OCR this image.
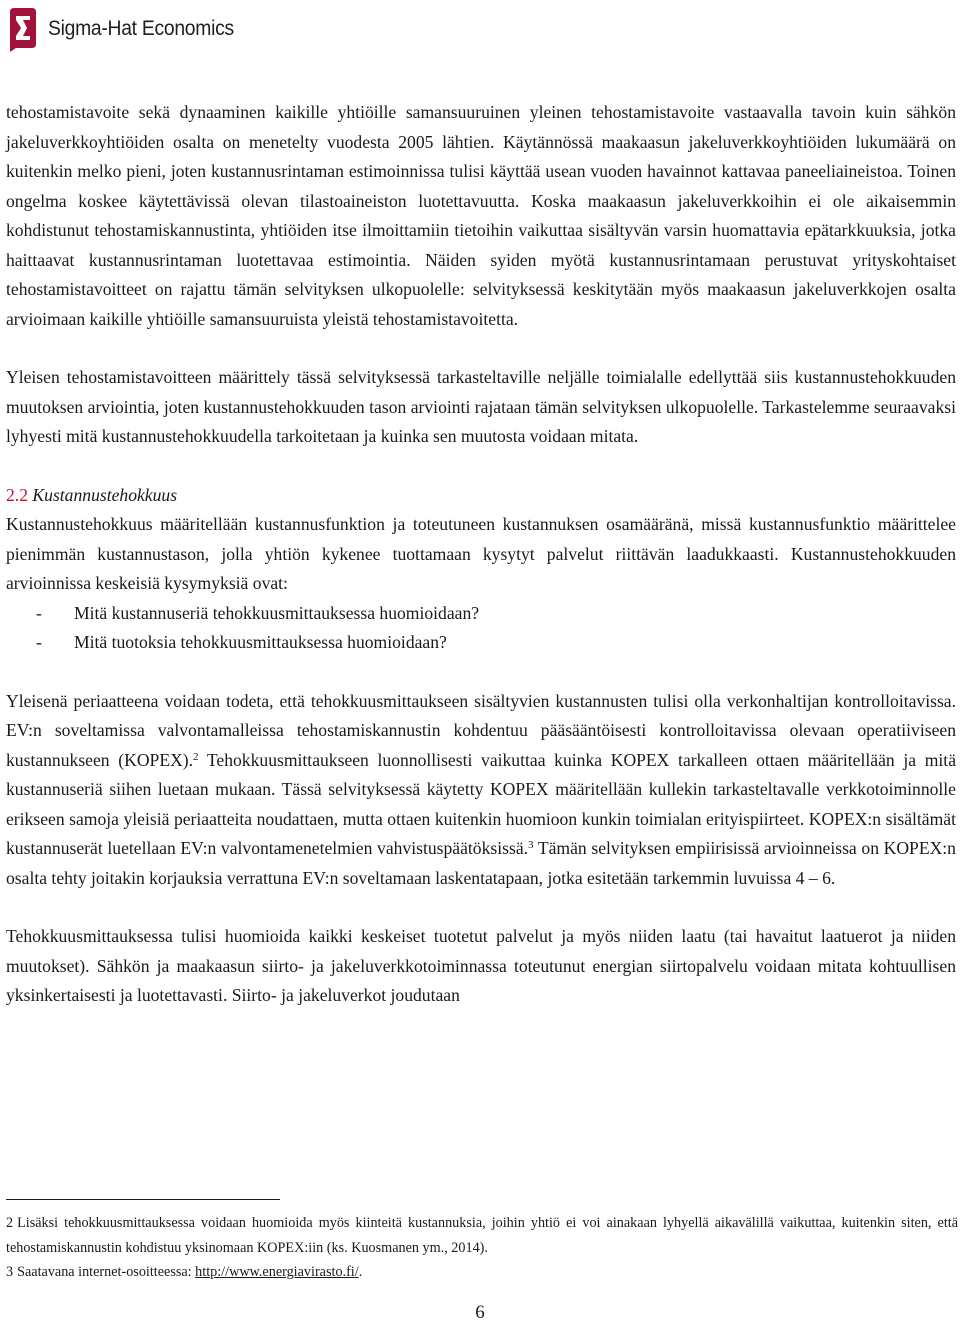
Sigma-Hat Economics

tehostamistavoite sekä dynaaminen kaikille yhtiöille samansuuruinen yleinen tehostamistavoite vastaavalla tavoin kuin sähkön jakeluverkkoyhtiöiden osalta on menetelty vuodesta 2005 lähtien. Käytännössä maakaasun jakeluverkkoyhtiöiden lukumäärä on kuitenkin melko pieni, joten kustannusrintaman estimoinnissa tulisi käyttää usean vuoden havainnot kattavaa paneeliaineistoa. Toinen ongelma koskee käytettävissä olevan tilastoaineiston luotettavuutta. Koska maakaasun jakeluverkkoihin ei ole aikaisemmin kohdistunut tehostamiskannustinta, yhtiöiden itse ilmoittamiin tietoihin vaikuttaa sisältyvän varsin huomattavia epätarkkuuksia, jotka haittaavat kustannusrintaman luotettavaa estimointia. Näiden syiden myötä kustannusrintamaan perustuvat yrityskohtaiset tehostamistavoitteet on rajattu tämän selvityksen ulkopuolelle: selvityksessä keskitytään myös maakaasun jakeluverkkojen osalta arvioimaan kaikille yhtiöille samansuuruista yleistä tehostamistavoitetta.

Yleisen tehostamistavoitteen määrittely tässä selvityksessä tarkasteltaville neljälle toimialalle edellyttää siis kustannustehokkuuden muutoksen arviointia, joten kustannustehokkuuden tason arviointi rajataan tämän selvityksen ulkopuolelle. Tarkastelemme seuraavaksi lyhyesti mitä kustannustehokkuudella tarkoitetaan ja kuinka sen muutosta voidaan mitata.

2.2 Kustannustehokkuus

Kustannustehokkuus määritellään kustannusfunktion ja toteutuneen kustannuksen osamääränä, missä kustannusfunktio määrittelee pienimmän kustannustason, jolla yhtiön kykenee tuottamaan kysytyt palvelut riittävän laadukkaasti. Kustannustehokkuuden arvioinnissa keskeisiä kysymyksiä ovat:

-	Mitä kustannuseriä tehokkuusmittauksessa huomioidaan?
-	Mitä tuotoksia tehokkuusmittauksessa huomioidaan?

Yleisenä periaatteena voidaan todeta, että tehokkuusmittaukseen sisältyvien kustannusten tulisi olla verkonhaltijan kontrolloitavissa. EV:n soveltamissa valvontamalleissa tehostamiskannustin kohdentuu pääsääntöisesti kontrolloitavissa olevaan operatiiviseen kustannukseen (KOPEX).$^2$ Tehokkuusmittaukseen luonnollisesti vaikuttaa kuinka KOPEX tarkalleen ottaen määritellään ja mitä kustannuseriä siihen luetaan mukaan. Tässä selvityksessä käytetty KOPEX määritellään kullekin tarkasteltavalle verkkotoiminnolle erikseen samoja yleisiä periaatteita noudattaen, mutta ottaen kuitenkin huomioon kunkin toimialan erityispiirteet. KOPEX:n sisältämät kustannuserät luetellaan EV:n valvontamenetelmien vahvistuspäätöksissä.$^3$ Tämän selvityksen empiirisissä arvioinneissa on KOPEX:n osalta tehty joitakin korjauksia verrattuna EV:n soveltamaan laskentatapaan, jotka esitetään tarkemmin luvuissa 4 – 6.

Tehokkuusmittauksessa tulisi huomioida kaikki keskeiset tuotetut palvelut ja myös niiden laatu (tai havaitut laatuerot ja niiden muutokset). Sähkön ja maakaasun siirto- ja jakeluverkkotoiminnassa toteutunut energian siirtopalvelu voidaan mitata kohtuullisen yksinkertaisesti ja luotettavasti. Siirto- ja jakeluverkot joudutaan

2 Lisäksi tehokkuusmittauksessa voidaan huomioida myös kiinteitä kustannuksia, joihin yhtiö ei voi ainakaan lyhyellä aikavälillä vaikuttaa, kuitenkin siten, että tehostamiskannustin kohdistuu yksinomaan KOPEX:iin (ks. Kuosmanen ym., 2014).

3 Saatavana internet-osoitteessa: http://www.energiavirasto.fi/.

6
